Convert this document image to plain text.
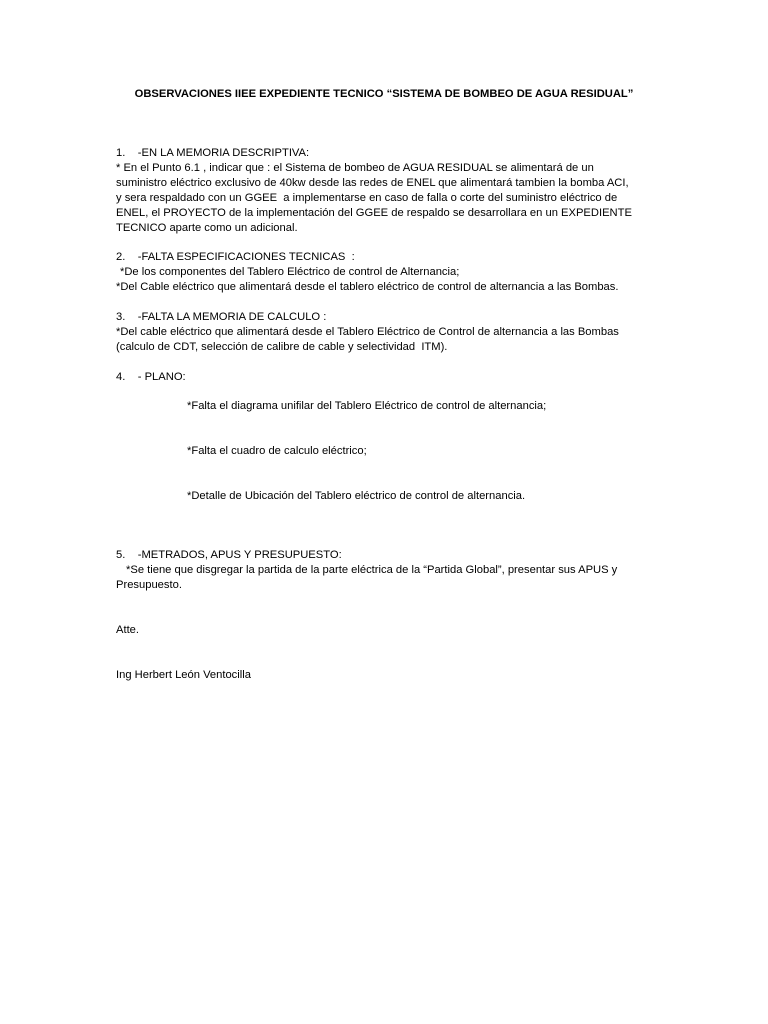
OBSERVACIONES IIEE EXPEDIENTE TECNICO “SISTEMA DE BOMBEO DE AGUA RESIDUAL”
1.    -EN LA MEMORIA DESCRIPTIVA:
* En el Punto 6.1 , indicar que : el Sistema de bombeo de AGUA RESIDUAL se alimentará de un
suministro eléctrico exclusivo de 40kw desde las redes de ENEL que alimentará tambien la bomba ACI,
y sera respaldado con un GGEE  a implementarse en caso de falla o corte del suministro eléctrico de
ENEL, el PROYECTO de la implementación del GGEE de respaldo se desarrollara en un EXPEDIENTE
TECNICO aparte como un adicional.
2.    -FALTA ESPECIFICACIONES TECNICAS  :
*De los componentes del Tablero Eléctrico de control de Alternancia;
*Del Cable eléctrico que alimentará desde el tablero eléctrico de control de alternancia a las Bombas.
3.    -FALTA LA MEMORIA DE CALCULO :
*Del cable eléctrico que alimentará desde el Tablero Eléctrico de Control de alternancia a las Bombas
(calculo de CDT, selección de calibre de cable y selectividad  ITM).
4.    - PLANO:

*Falta el diagrama unifilar del Tablero Eléctrico de control de alternancia;

*Falta el cuadro de calculo eléctrico;

*Detalle de Ubicación del Tablero eléctrico de control de alternancia.

5.    -METRADOS, APUS Y PRESUPUESTO:
*Se tiene que disgregar la partida de la parte eléctrica de la “Partida Global”, presentar sus APUS y
Presupuesto.
Atte.
Ing Herbert León Ventocilla
